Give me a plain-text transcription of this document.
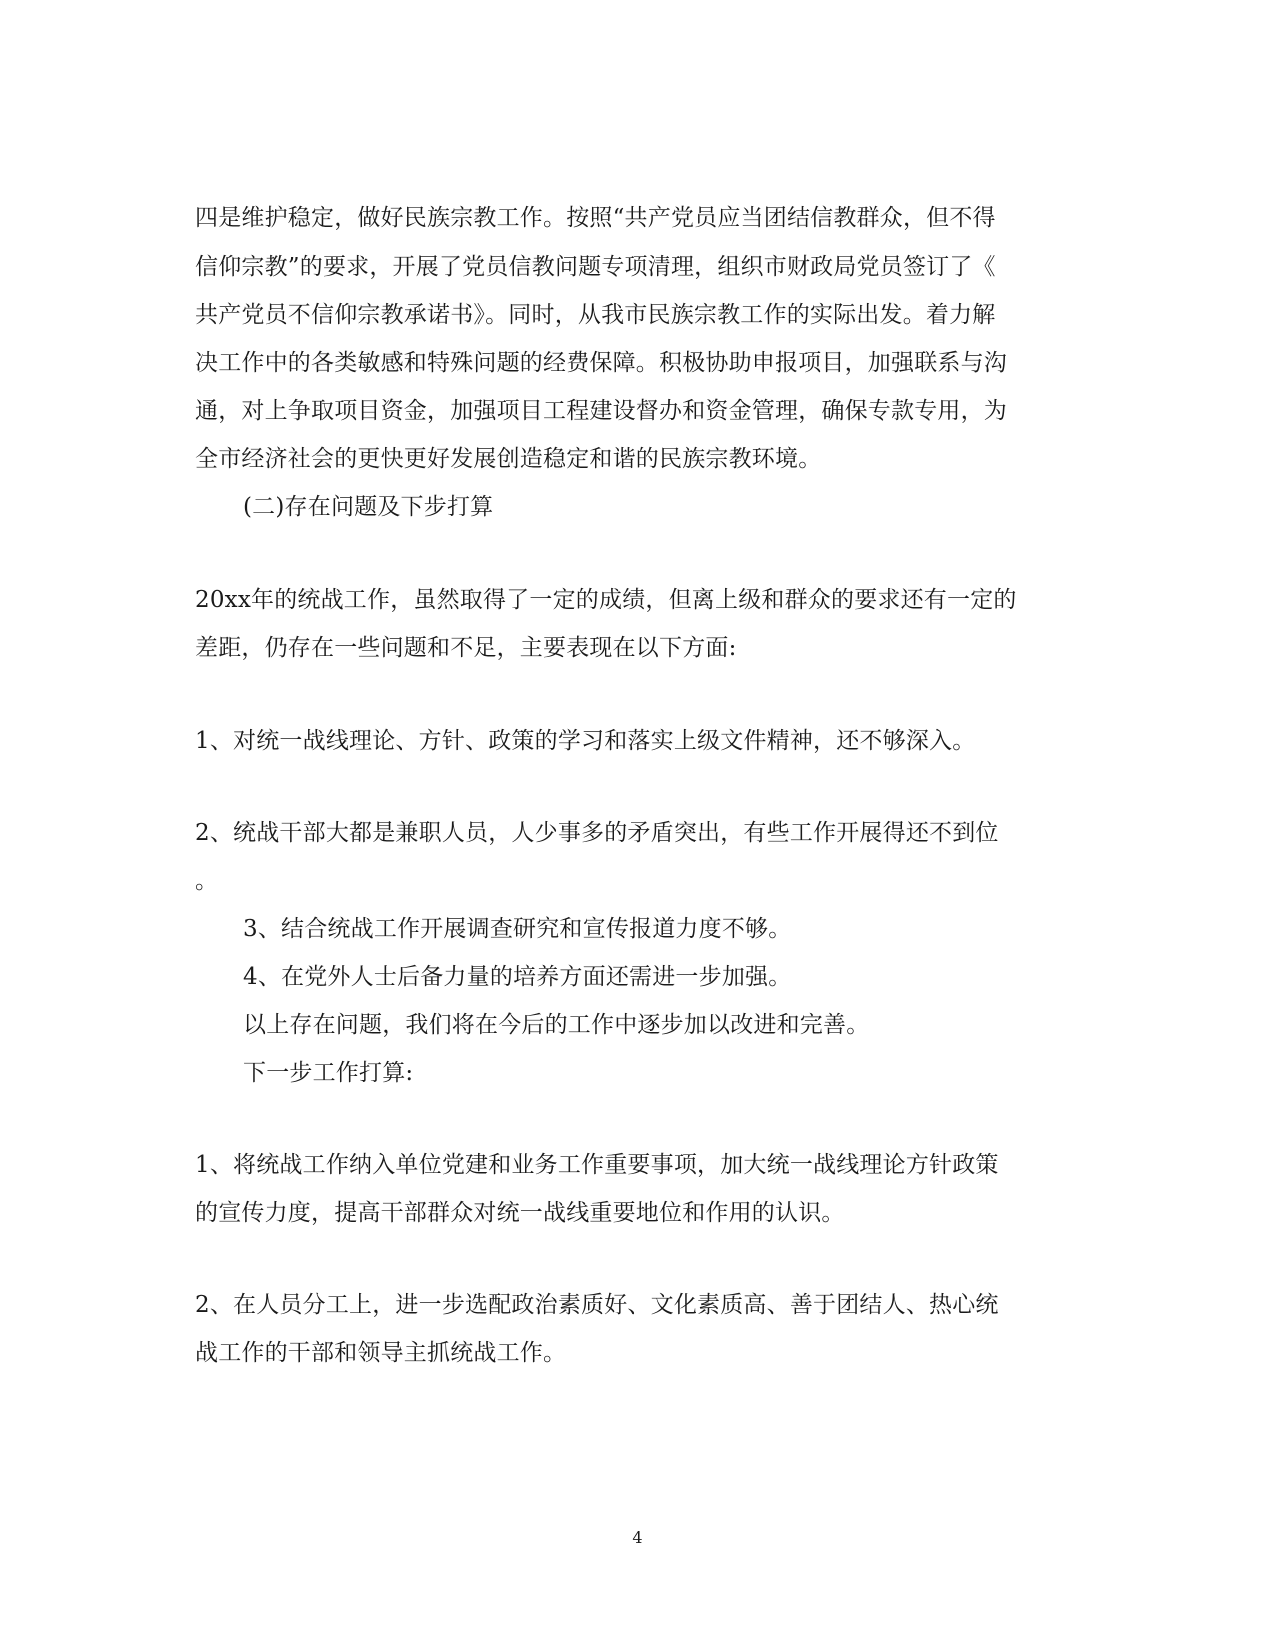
四是维护稳定，做好民族宗教工作。按照“共产党员应当团结信教群众，但不得
信仰宗教”的要求，开展了党员信教问题专项清理，组织市财政局党员签订了《
共产党员不信仰宗教承诺书》。同时，从我市民族宗教工作的实际出发。着力解
决工作中的各类敏感和特殊问题的经费保障。积极协助申报项目，加强联系与沟
通，对上争取项目资金，加强项目工程建设督办和资金管理，确保专款专用，为
全市经济社会的更快更好发展创造稳定和谐的民族宗教环境。
(二)存在问题及下步打算
20xx年的统战工作，虽然取得了一定的成绩，但离上级和群众的要求还有一定的
差距，仍存在一些问题和不足，主要表现在以下方面:
1、对统一战线理论、方针、政策的学习和落实上级文件精神，还不够深入。
2、统战干部大都是兼职人员，人少事多的矛盾突出，有些工作开展得还不到位
。
3、结合统战工作开展调查研究和宣传报道力度不够。
4、在党外人士后备力量的培养方面还需进一步加强。
以上存在问题，我们将在今后的工作中逐步加以改进和完善。
下一步工作打算:
1、将统战工作纳入单位党建和业务工作重要事项，加大统一战线理论方针政策
的宣传力度，提高干部群众对统一战线重要地位和作用的认识。
2、在人员分工上，进一步选配政治素质好、文化素质高、善于团结人、热心统
战工作的干部和领导主抓统战工作。
4
